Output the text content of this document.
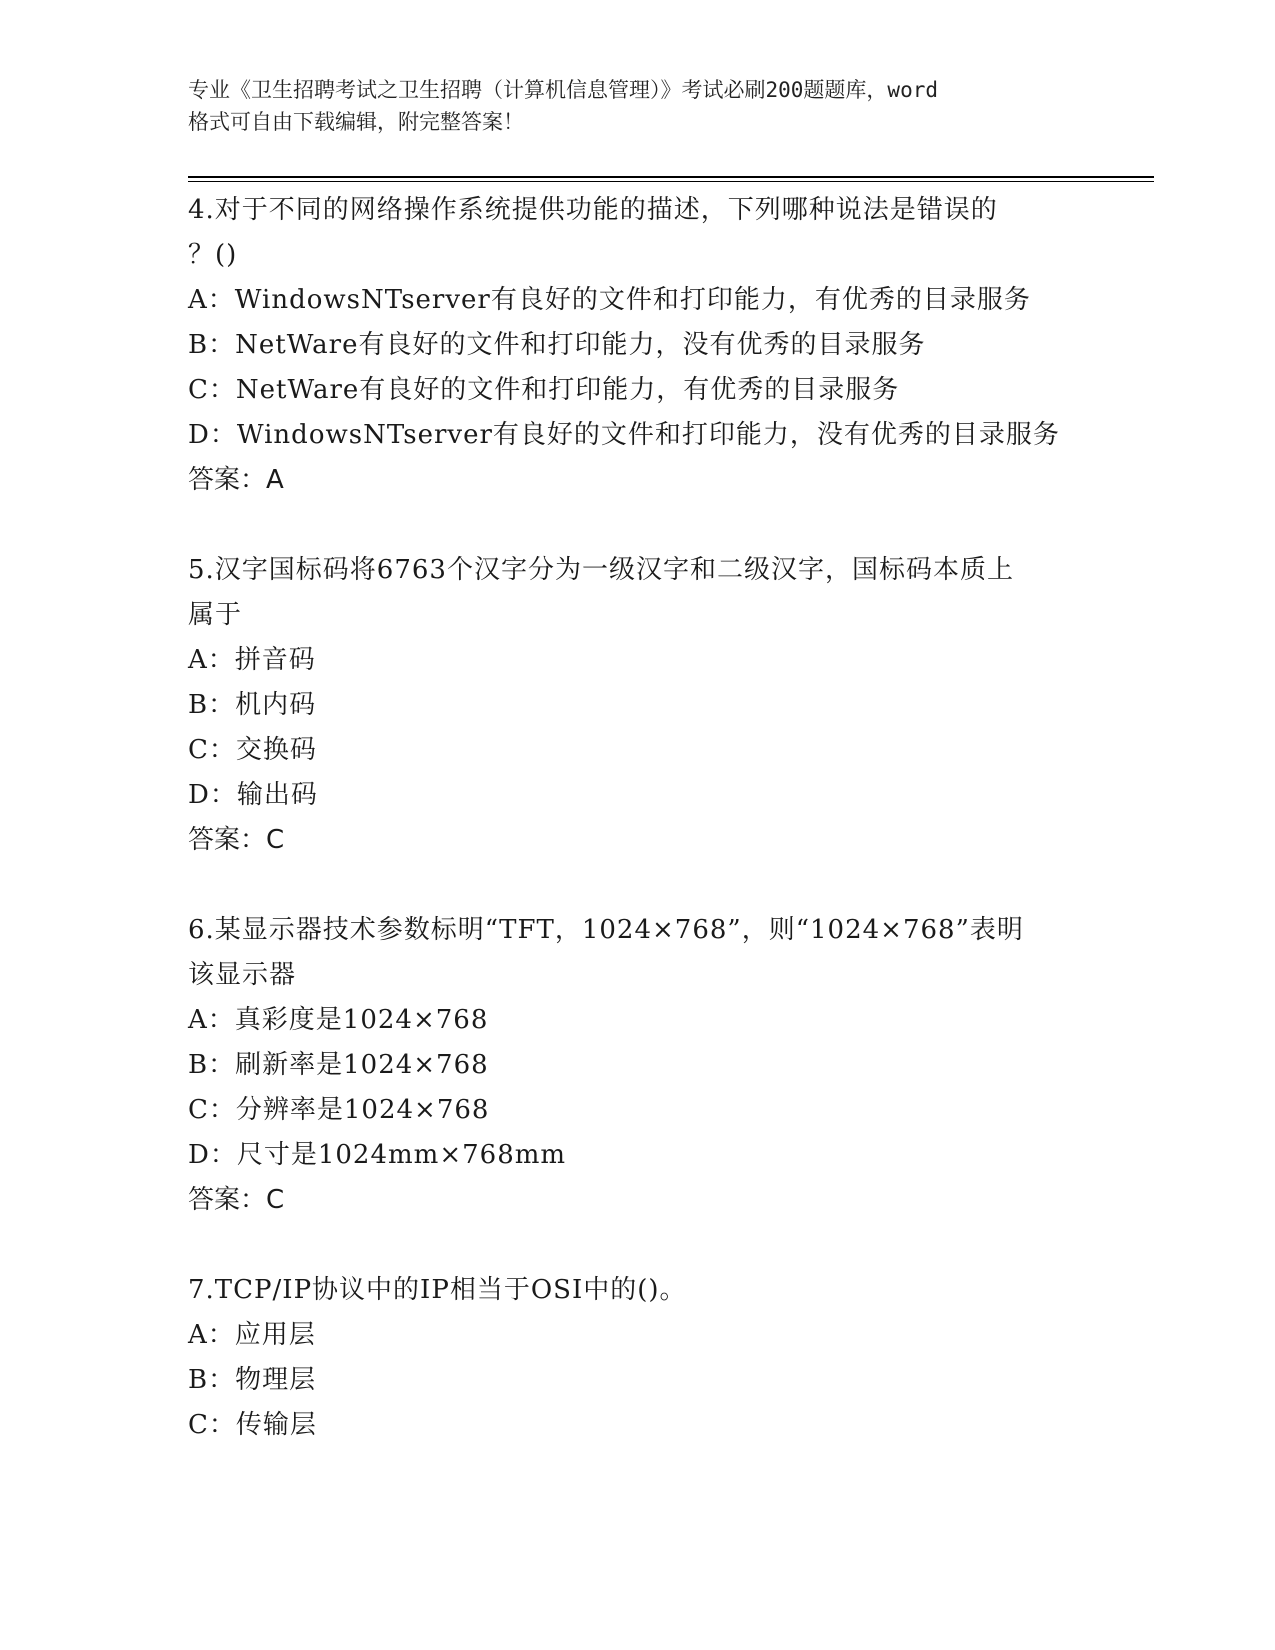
专业《卫生招聘考试之卫生招聘（计算机信息管理）》考试必刷200题题库，word
格式可自由下载编辑，附完整答案！

4.对于不同的网络操作系统提供功能的描述，下列哪种说法是错误的

？()

A：WindowsNTserver有良好的文件和打印能力，有优秀的目录服务

B：NetWare有良好的文件和打印能力，没有优秀的目录服务

C：NetWare有良好的文件和打印能力，有优秀的目录服务

D：WindowsNTserver有良好的文件和打印能力，没有优秀的目录服务

答案：A

5.汉字国标码将6763个汉字分为一级汉字和二级汉字，国标码本质上

属于

A：拼音码

B：机内码

C：交换码

D：输出码

答案：C

6.某显示器技术参数标明“TFT，1024×768”，则“1024×768”表明

该显示器

A：真彩度是1024×768

B：刷新率是1024×768

C：分辨率是1024×768

D：尺寸是1024mm×768mm

答案：C

7.TCP/IP协议中的IP相当于OSI中的()。

A：应用层

B：物理层

C：传输层
